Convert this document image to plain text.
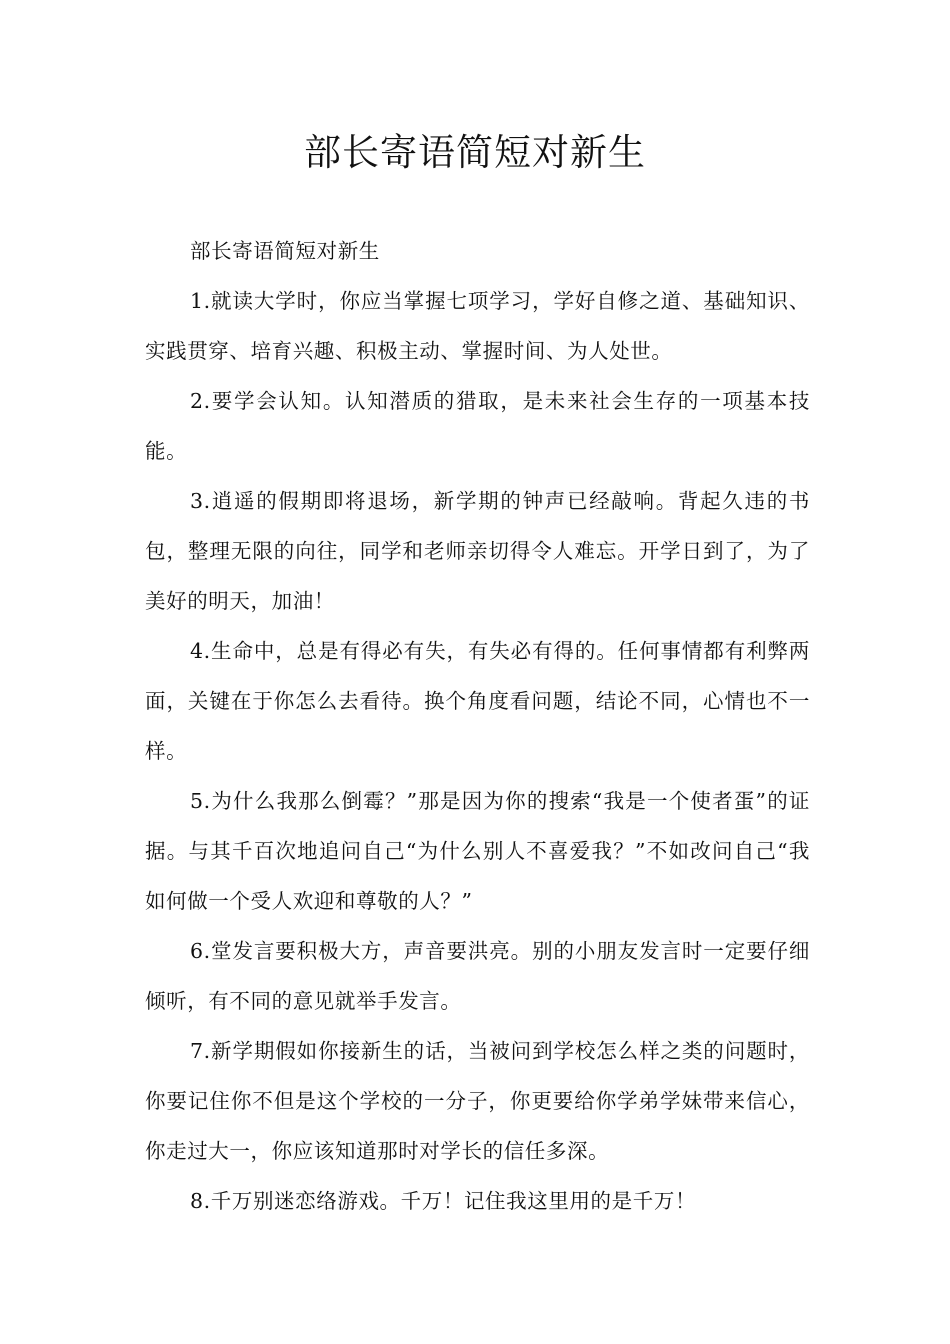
部长寄语简短对新生

部长寄语简短对新生

1.就读大学时，你应当掌握七项学习，学好自修之道、基础知识、实践贯穿、培育兴趣、积极主动、掌握时间、为人处世。

2.要学会认知。认知潜质的猎取，是未来社会生存的一项基本技能。

3.逍遥的假期即将退场，新学期的钟声已经敲响。背起久违的书包，整理无限的向往，同学和老师亲切得令人难忘。开学日到了，为了美好的明天，加油！

4.生命中，总是有得必有失，有失必有得的。任何事情都有利弊两面，关键在于你怎么去看待。换个角度看问题，结论不同，心情也不一样。

5.为什么我那么倒霉？”那是因为你的搜索“我是一个使者蛋”的证据。与其千百次地追问自己“为什么别人不喜爱我？”不如改问自己“我如何做一个受人欢迎和尊敬的人？”

6.堂发言要积极大方，声音要洪亮。别的小朋友发言时一定要仔细倾听，有不同的意见就举手发言。

7.新学期假如你接新生的话，当被问到学校怎么样之类的问题时，你要记住你不但是这个学校的一分子，你更要给你学弟学妹带来信心，你走过大一，你应该知道那时对学长的信任多深。

8.千万别迷恋络游戏。千万！记住我这里用的是千万！
